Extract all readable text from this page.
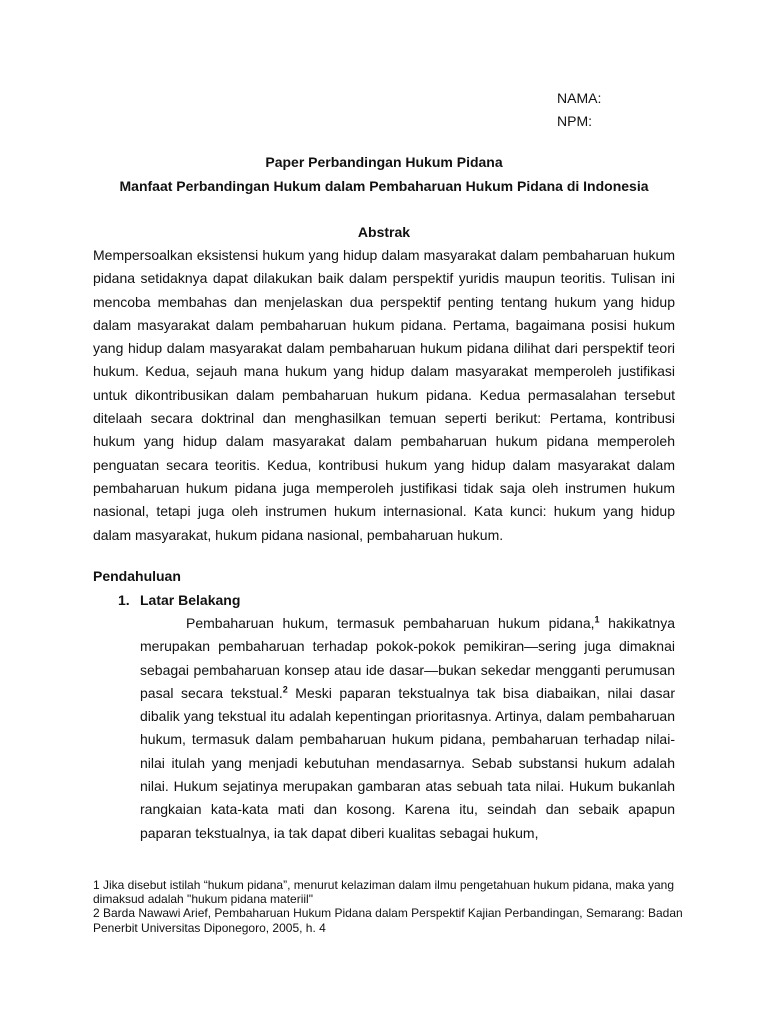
NAMA:
NPM:
Paper Perbandingan Hukum Pidana
Manfaat Perbandingan Hukum dalam Pembaharuan Hukum Pidana di Indonesia
Abstrak

Mempersoalkan eksistensi hukum yang hidup dalam masyarakat dalam pembaharuan hukum pidana setidaknya dapat dilakukan baik dalam perspektif yuridis maupun teoritis. Tulisan ini mencoba membahas dan menjelaskan dua perspektif penting tentang hukum yang hidup dalam masyarakat dalam pembaharuan hukum pidana. Pertama, bagaimana posisi hukum yang hidup dalam masyarakat dalam pembaharuan hukum pidana dilihat dari perspektif teori hukum. Kedua, sejauh mana hukum yang hidup dalam masyarakat memperoleh justifikasi untuk dikontribusikan dalam pembaharuan hukum pidana. Kedua permasalahan tersebut ditelaah secara doktrinal dan menghasilkan temuan seperti berikut: Pertama, kontribusi hukum yang hidup dalam masyarakat dalam pembaharuan hukum pidana memperoleh penguatan secara teoritis. Kedua, kontribusi hukum yang hidup dalam masyarakat dalam pembaharuan hukum pidana juga memperoleh justifikasi tidak saja oleh instrumen hukum nasional, tetapi juga oleh instrumen hukum internasional. Kata kunci: hukum yang hidup dalam masyarakat, hukum pidana nasional, pembaharuan hukum.

Pendahuluan
1. Latar Belakang

Pembaharuan hukum, termasuk pembaharuan hukum pidana,$^1$ hakikatnya merupakan pembaharuan terhadap pokok-pokok pemikiran—sering juga dimaknai sebagai pembaharuan konsep atau ide dasar—bukan sekedar mengganti perumusan pasal secara tekstual.$^2$ Meski paparan tekstualnya tak bisa diabaikan, nilai dasar dibalik yang tekstual itu adalah kepentingan prioritasnya. Artinya, dalam pembaharuan hukum, termasuk dalam pembaharuan hukum pidana, pembaharuan terhadap nilai-nilai itulah yang menjadi kebutuhan mendasarnya. Sebab substansi hukum adalah nilai. Hukum sejatinya merupakan gambaran atas sebuah tata nilai. Hukum bukanlah rangkaian kata-kata mati dan kosong. Karena itu, seindah dan sebaik apapun paparan tekstualnya, ia tak dapat diberi kualitas sebagai hukum,

1 Jika disebut istilah “hukum pidana”, menurut kelaziman dalam ilmu pengetahuan hukum pidana, maka yang dimaksud adalah "hukum pidana materiil"

2 Barda Nawawi Arief, Pembaharuan Hukum Pidana dalam Perspektif Kajian Perbandingan, Semarang: Badan Penerbit Universitas Diponegoro, 2005, h. 4
